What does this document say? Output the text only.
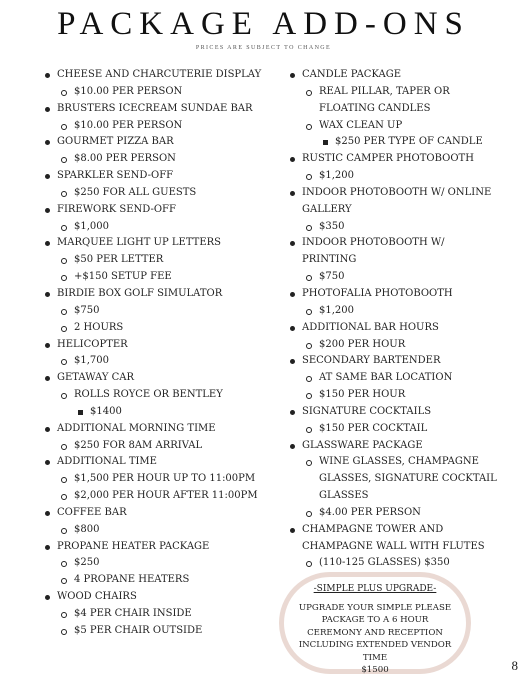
PACKAGE ADD-ONS
PRICES ARE SUBJECT TO CHANGE
CHEESE AND CHARCUTERIE DISPLAY
$10.00 PER PERSON
BRUSTERS ICECREAM SUNDAE BAR
$10.00 PER PERSON
GOURMET PIZZA BAR
$8.00 PER PERSON
SPARKLER SEND-OFF
$250 FOR ALL GUESTS
FIREWORK SEND-OFF
$1,000
MARQUEE LIGHT UP LETTERS
$50 PER LETTER
+$150 SETUP FEE
BIRDIE BOX GOLF SIMULATOR
$750
2 HOURS
HELICOPTER
$1,700
GETAWAY CAR
ROLLS ROYCE OR BENTLEY
$1400
ADDITIONAL MORNING TIME
$250 FOR 8AM ARRIVAL
ADDITIONAL TIME
$1,500 PER HOUR UP TO 11:00PM
$2,000 PER HOUR AFTER 11:00PM
COFFEE BAR
$800
PROPANE HEATER PACKAGE
$250
4 PROPANE HEATERS
WOOD CHAIRS
$4 PER CHAIR INSIDE
$5 PER CHAIR OUTSIDE
CANDLE PACKAGE
REAL PILLAR, TAPER OR FLOATING CANDLES
WAX CLEAN UP
$250 PER TYPE OF CANDLE
RUSTIC CAMPER PHOTOBOOTH
$1,200
INDOOR PHOTOBOOTH W/ ONLINE GALLERY
$350
INDOOR PHOTOBOOTH W/ PRINTING
$750
PHOTOFALIA PHOTOBOOTH
$1,200
ADDITIONAL BAR HOURS
$200 PER HOUR
SECONDARY BARTENDER
AT SAME BAR LOCATION
$150 PER HOUR
SIGNATURE COCKTAILS
$150 PER COCKTAIL
GLASSWARE PACKAGE
WINE GLASSES, CHAMPAGNE GLASSES, SIGNATURE COCKTAIL GLASSES
$4.00 PER PERSON
CHAMPAGNE TOWER AND CHAMPAGNE WALL WITH FLUTES
(110-125 GLASSES) $350
-SIMPLE PLUS UPGRADE-
UPGRADE YOUR SIMPLE PLEASE PACKAGE TO A 6 HOUR CEREMONY AND RECEPTION INCLUDING EXTENDED VENDOR TIME
$1500	8
